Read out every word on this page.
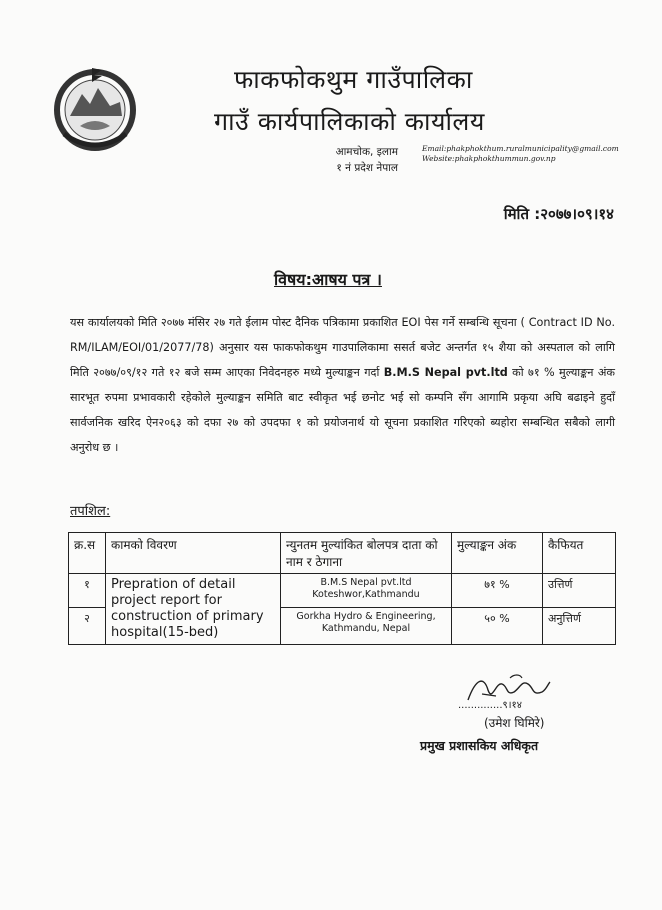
फाकफोकथुम गाउँपालिका
गाउँ कार्यपालिकाको कार्यालय
आमचोक, इलाम
१ नं प्रदेश नेपाल
Email:phakphokthum.ruralmunicipality@gmail.com
Website:phakphokthummun.gov.np
मिति :२०७७।०९।१४
विषय:आषय पत्र ।
यस कार्यालयको मिति २०७७ मंसिर २७ गते ईलाम पोस्ट दैनिक पत्रिकामा प्रकाशित EOI पेस गर्ने सम्बन्धि सूचना ( Contract ID No. RM/ILAM/EOI/01/2077/78) अनुसार यस फाकफोकथुम गाउपालिकामा ससर्त बजेट अन्तर्गत १५ शैया को अस्पताल को लागि मिति २०७७/०९/१२ गते १२ बजे सम्म आएका निवेदनहरु मध्ये मुल्याङ्कन गर्दा B.M.S Nepal pvt.ltd को ७१ % मुल्याङ्कन अंक सारभूत रुपमा प्रभावकारी रहेकोले मुल्याङ्कन समिति बाट स्वीकृत भई छनोट भई सो कम्पनि सँग आगामि प्रकृया अघि बढाइने हुदाँ सार्वजनिक खरिद ऐन२०६३ को दफा २७ को उपदफा १ को प्रयोजनार्थ यो सूचना प्रकाशित गरिएको ब्यहोरा सम्बन्धित सबैको लागी अनुरोध छ ।
तपशिल:
क्र.स	कामको विवरण	न्युनतम मुल्यांकित बोलपत्र दाता को नाम र ठेगाना	मुल्याङ्कन अंक	कैफियत
१	Prepration of detail project report for construction of primary hospital(15-bed)	B.M.S Nepal pvt.ltd
Koteshwor,Kathmandu	७१ %	उत्तिर्ण
२		Gorkha Hydro & Engineering,
Kathmandu, Nepal	५० %	अनुत्तिर्ण
..............९।१४
(उमेश घिमिरे)
प्रमुख प्रशासकिय अधिकृत
